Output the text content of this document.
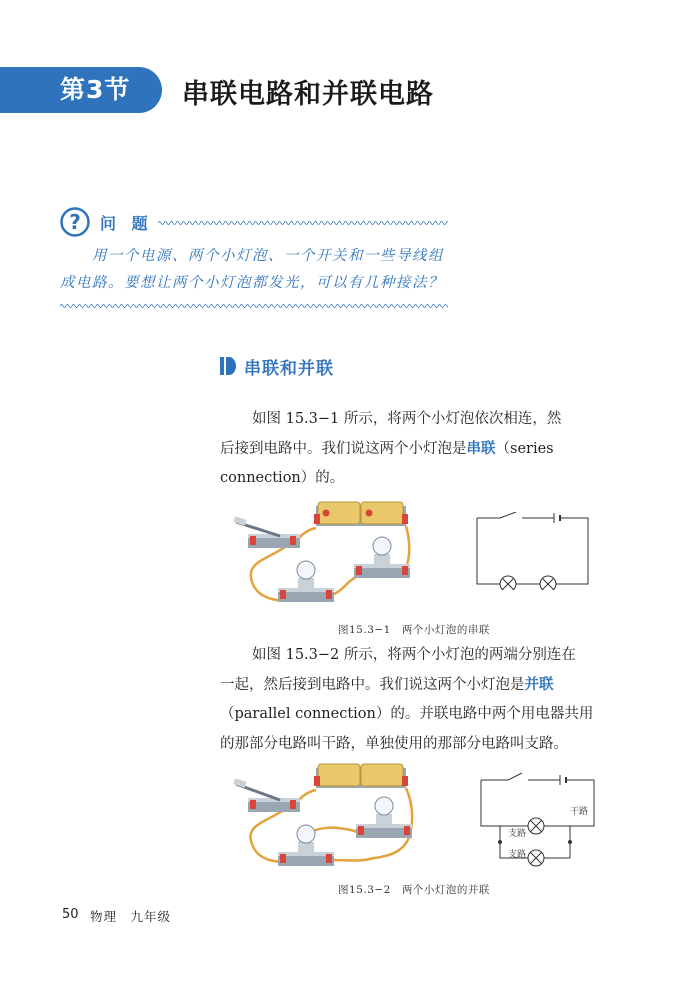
第3节	串联电路和并联电路
? 问 题
用一个电源、两个小灯泡、一个开关和一些导线组
成电路。要想让两个小灯泡都发光，可以有几种接法？
串联和并联
如图 15.3−1 所示，将两个小灯泡依次相连，然
后接到电路中。我们说这两个小灯泡是串联（series
connection）的。
图15.3−1　两个小灯泡的串联
如图 15.3−2 所示，将两个小灯泡的两端分别连在
一起，然后接到电路中。我们说这两个小灯泡是并联
（parallel connection）的。并联电路中两个用电器共用
的那部分电路叫干路，单独使用的那部分电路叫支路。
干路
支路
支路
图15.3−2　两个小灯泡的并联
50 物理　九年级
